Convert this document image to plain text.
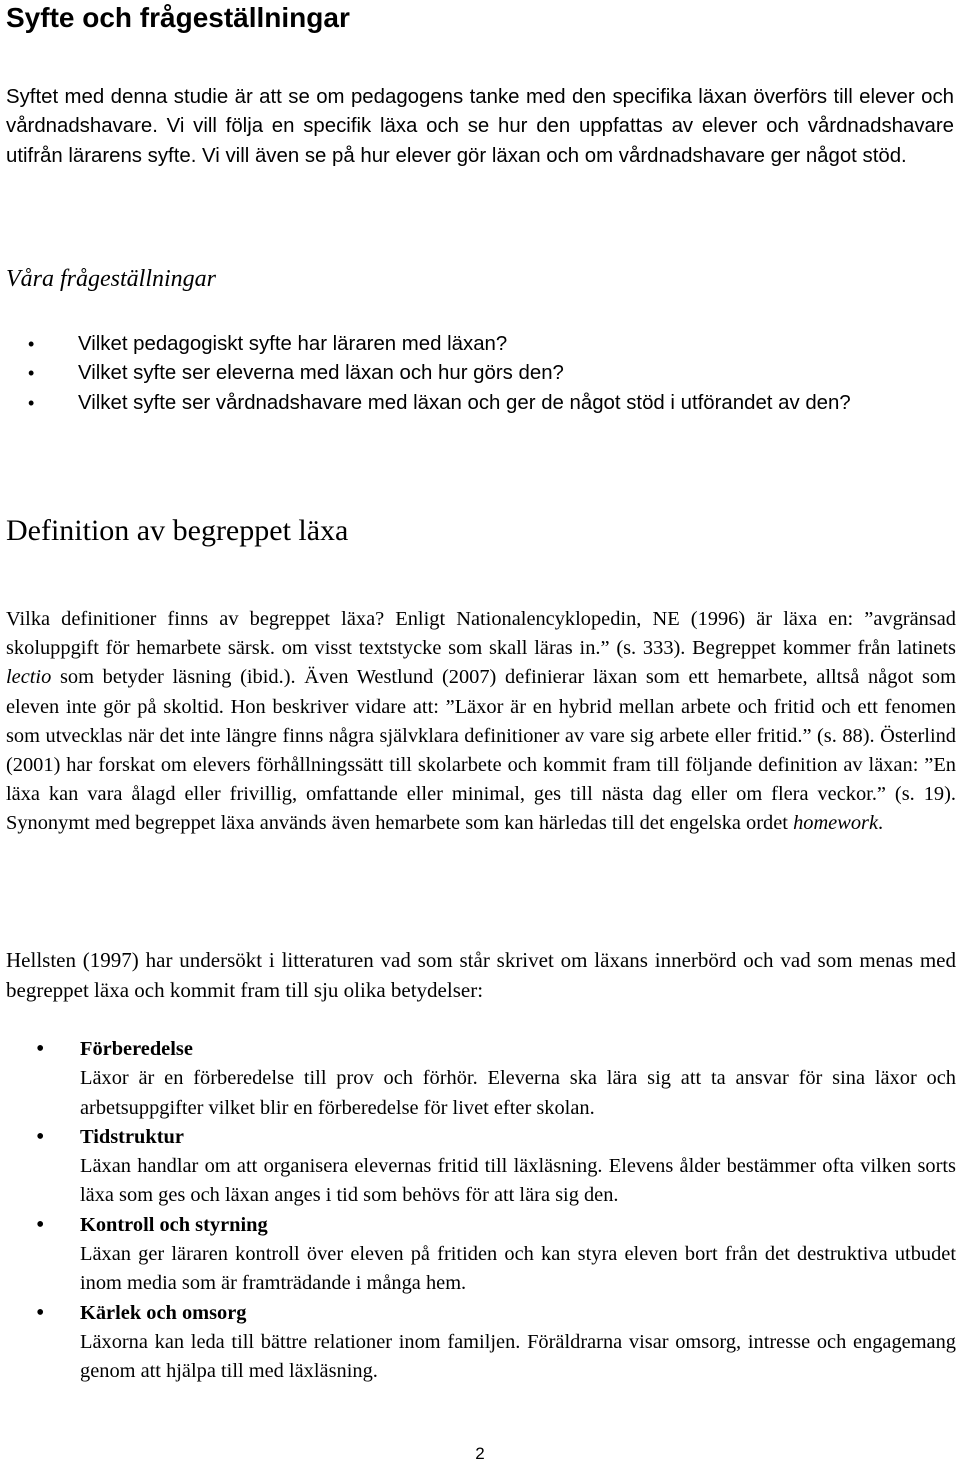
Syfte och frågeställningar

Syftet med denna studie är att se om pedagogens tanke med den specifika läxan överförs till elever och vårdnadshavare. Vi vill följa en specifik läxa och se hur den uppfattas av elever och vårdnadshavare utifrån lärarens syfte. Vi vill även se på hur elever gör läxan och om vårdnadshavare ger något stöd.

Våra frågeställningar
• Vilket pedagogiskt syfte har läraren med läxan?
• Vilket syfte ser eleverna med läxan och hur görs den?
• Vilket syfte ser vårdnadshavare med läxan och ger de något stöd i utförandet av den?
Definition av begreppet läxa

Vilka definitioner finns av begreppet läxa? Enligt Nationalencyklopedin, NE (1996) är läxa en: ”avgränsad skoluppgift för hemarbete särsk. om visst textstycke som skall läras in.” (s. 333). Begreppet kommer från latinets lectio som betyder läsning (ibid.). Även Westlund (2007) definierar läxan som ett hemarbete, alltså något som eleven inte gör på skoltid. Hon beskriver vidare att: ”Läxor är en hybrid mellan arbete och fritid och ett fenomen som utvecklas när det inte längre finns några självklara definitioner av vare sig arbete eller fritid.” (s. 88). Österlind (2001) har forskat om elevers förhållningssätt till skolarbete och kommit fram till följande definition av läxan: ”En läxa kan vara ålagd eller frivillig, omfattande eller minimal, ges till nästa dag eller om flera veckor.” (s. 19). Synonymt med begreppet läxa används även hemarbete som kan härledas till det engelska ordet homework.

Hellsten (1997) har undersökt i litteraturen vad som står skrivet om läxans innerbörd och vad som menas med begreppet läxa och kommit fram till sju olika betydelser:

• Förberedelse
Läxor är en förberedelse till prov och förhör. Eleverna ska lära sig att ta ansvar för sina läxor och arbetsuppgifter vilket blir en förberedelse för livet efter skolan.
• Tidstruktur
Läxan handlar om att organisera elevernas fritid till läxläsning. Elevens ålder bestämmer ofta vilken sorts läxa som ges och läxan anges i tid som behövs för att lära sig den.
• Kontroll och styrning
Läxan ger läraren kontroll över eleven på fritiden och kan styra eleven bort från det destruktiva utbudet inom media som är framträdande i många hem.
• Kärlek och omsorg
Läxorna kan leda till bättre relationer inom familjen. Föräldrarna visar omsorg, intresse och engagemang genom att hjälpa till med läxläsning.
2
